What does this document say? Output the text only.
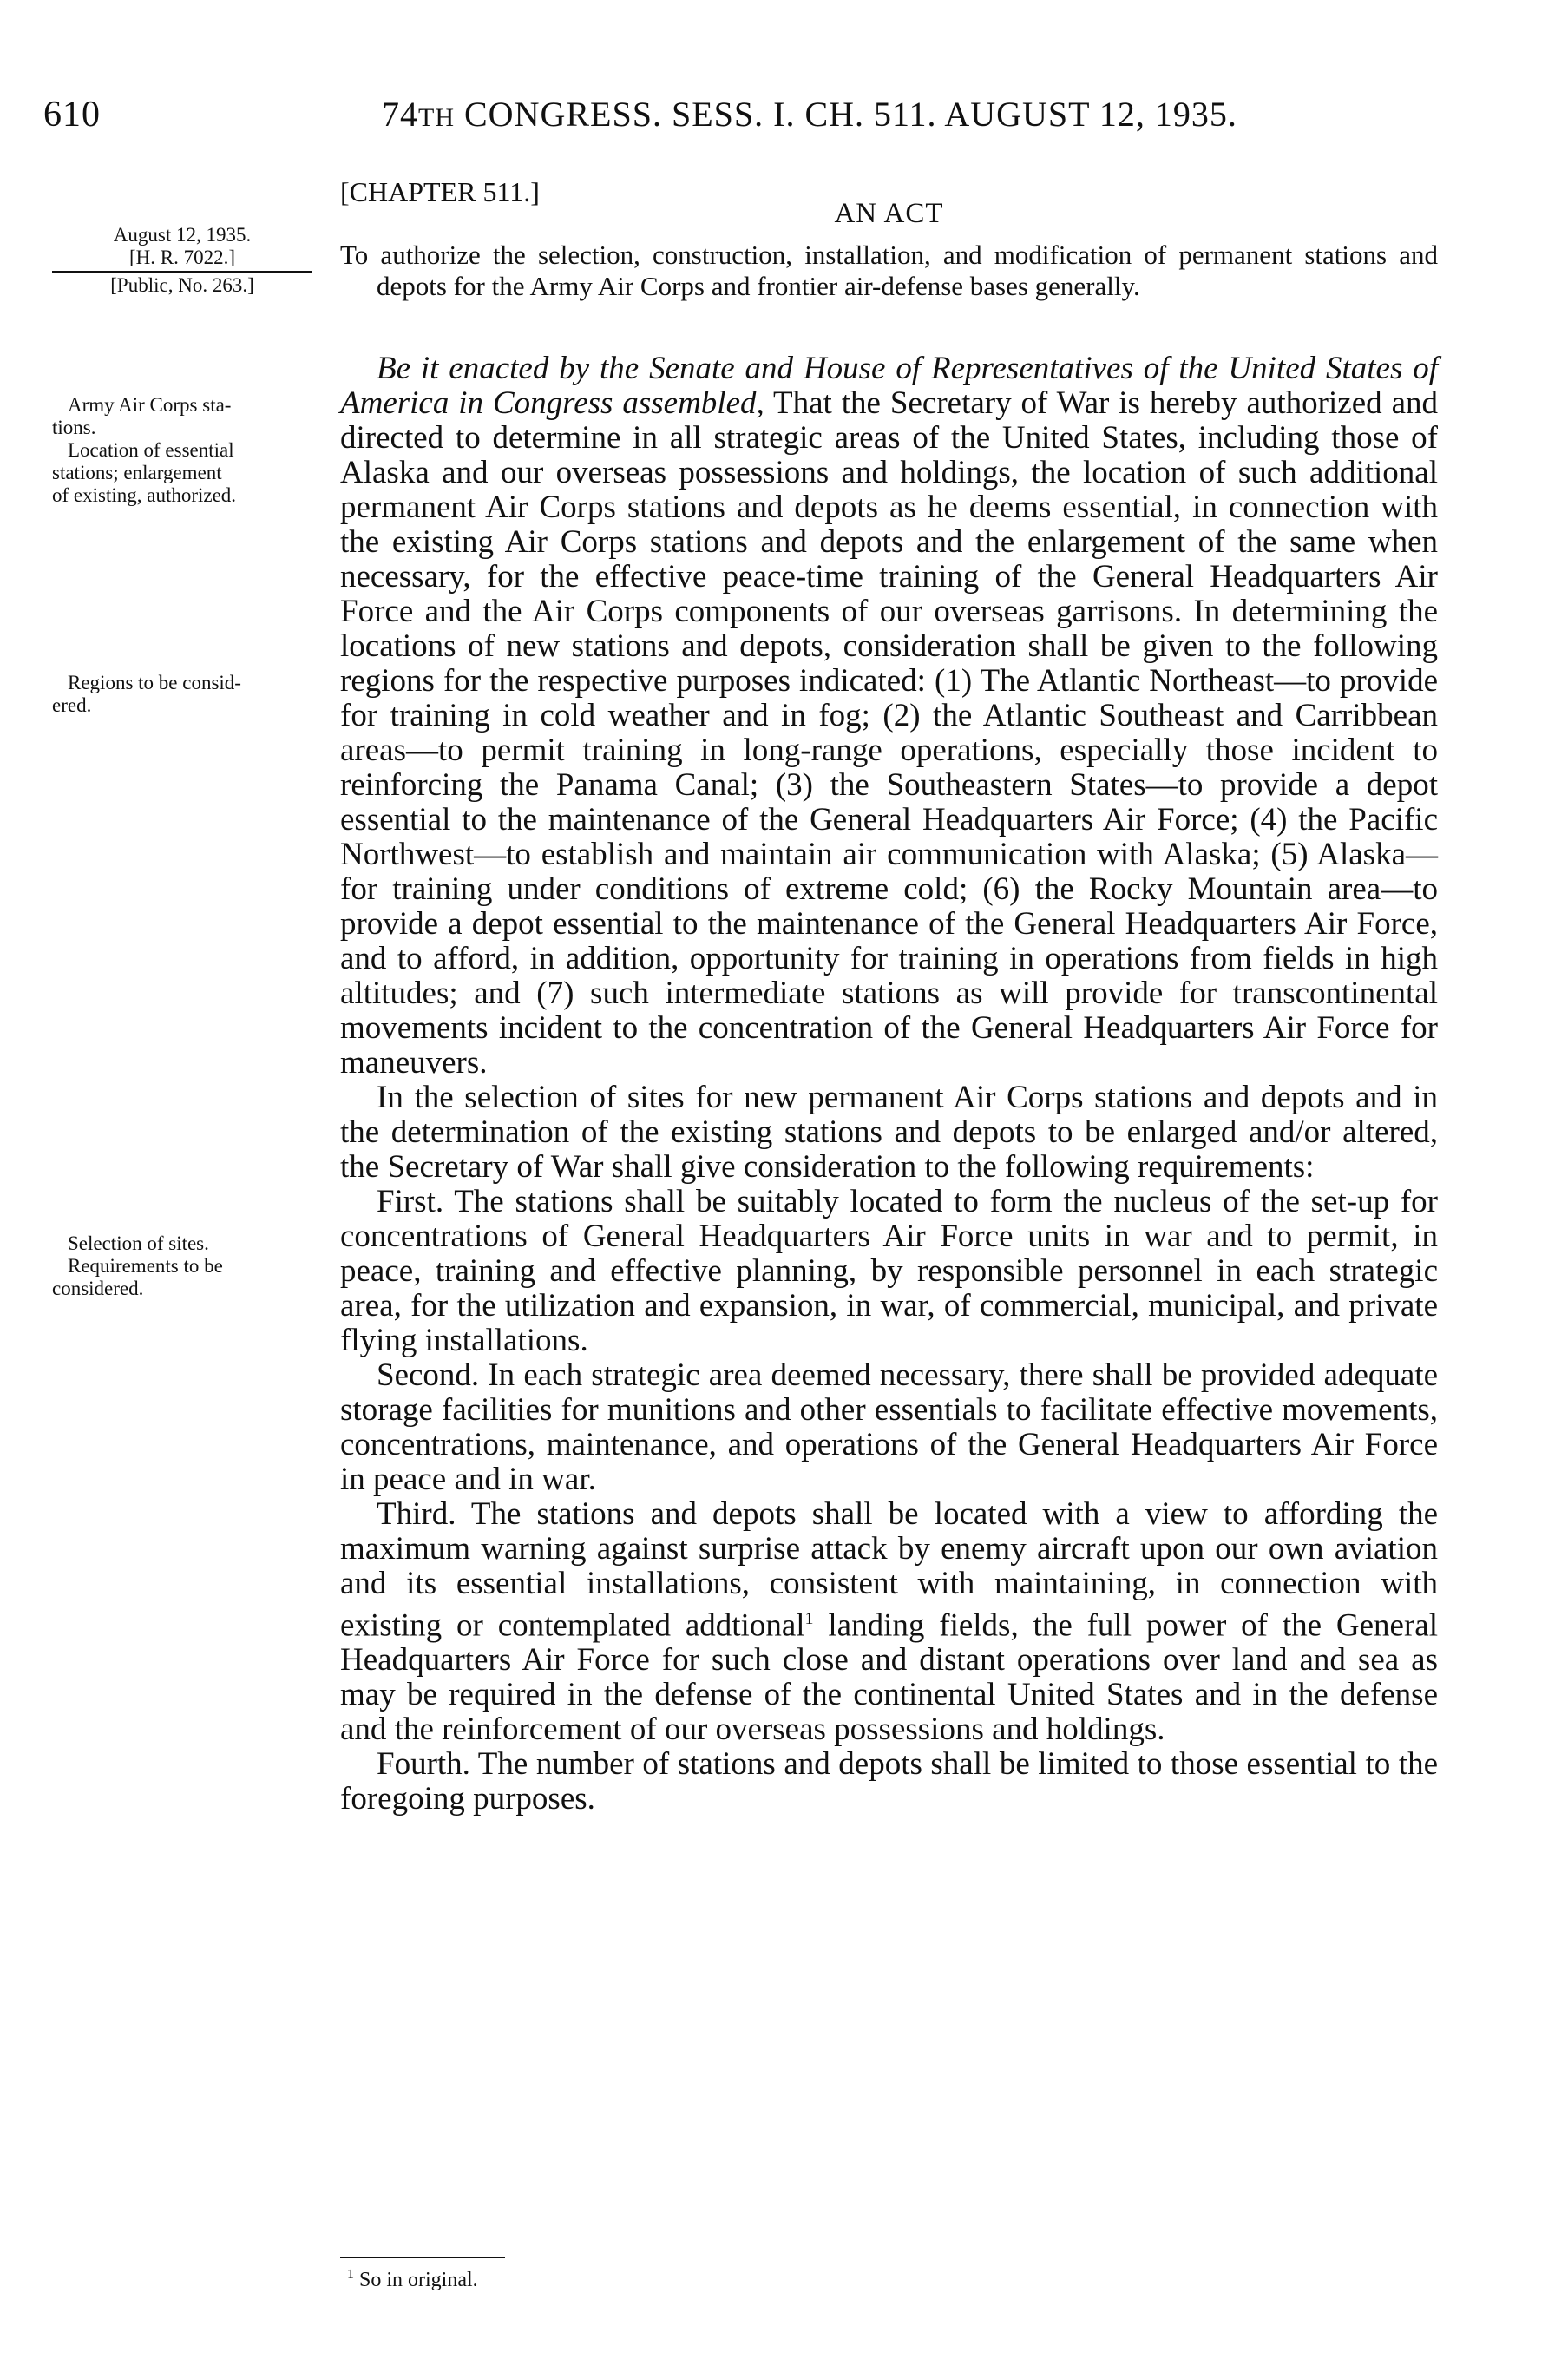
610	74TH CONGRESS. SESS. I. CH. 511. AUGUST 12, 1935.
[CHAPTER 511.]
AN ACT
To authorize the selection, construction, installation, and modification of permanent stations and depots for the Army Air Corps and frontier air-defense bases generally.
August 12, 1935.
[H. R. 7022.]
[Public, No. 263.]
Army Air Corps sta-
tions.
Location of essential
stations; enlargement
of existing, authorized.
Regions to be consid-
ered.
Selection of sites.
Requirements to be
considered.

Be it enacted by the Senate and House of Representatives of the United States of America in Congress assembled, That the Secretary of War is hereby authorized and directed to determine in all strategic areas of the United States, including those of Alaska and our overseas possessions and holdings, the location of such additional permanent Air Corps stations and depots as he deems essential, in connection with the existing Air Corps stations and depots and the enlargement of the same when necessary, for the effective peace-time training of the General Headquarters Air Force and the Air Corps components of our overseas garrisons. In determining the locations of new stations and depots, consideration shall be given to the following regions for the respective purposes indicated: (1) The Atlantic Northeast—to provide for training in cold weather and in fog; (2) the Atlantic Southeast and Carribbean areas—to permit training in long-range operations, especially those incident to reinforcing the Panama Canal; (3) the Southeastern States—to provide a depot essential to the maintenance of the General Headquarters Air Force; (4) the Pacific Northwest—to establish and maintain air communication with Alaska; (5) Alaska—for training under conditions of extreme cold; (6) the Rocky Mountain area—to provide a depot essential to the maintenance of the General Headquarters Air Force, and to afford, in addition, opportunity for training in operations from fields in high altitudes; and (7) such intermediate stations as will provide for transcontinental movements incident to the concentration of the General Headquarters Air Force for maneuvers.

In the selection of sites for new permanent Air Corps stations and depots and in the determination of the existing stations and depots to be enlarged and/or altered, the Secretary of War shall give consideration to the following requirements:

First. The stations shall be suitably located to form the nucleus of the set-up for concentrations of General Headquarters Air Force units in war and to permit, in peace, training and effective planning, by responsible personnel in each strategic area, for the utilization and expansion, in war, of commercial, municipal, and private flying installations.

Second. In each strategic area deemed necessary, there shall be provided adequate storage facilities for munitions and other essentials to facilitate effective movements, concentrations, maintenance, and operations of the General Headquarters Air Force in peace and in war.

Third. The stations and depots shall be located with a view to affording the maximum warning against surprise attack by enemy aircraft upon our own aviation and its essential installations, consistent with maintaining, in connection with existing or contemplated addtional$^1$ landing fields, the full power of the General Headquarters Air Force for such close and distant operations over land and sea as may be required in the defense of the continental United States and in the defense and the reinforcement of our overseas possessions and holdings.

Fourth. The number of stations and depots shall be limited to those essential to the foregoing purposes.

$^1$ So in original.
